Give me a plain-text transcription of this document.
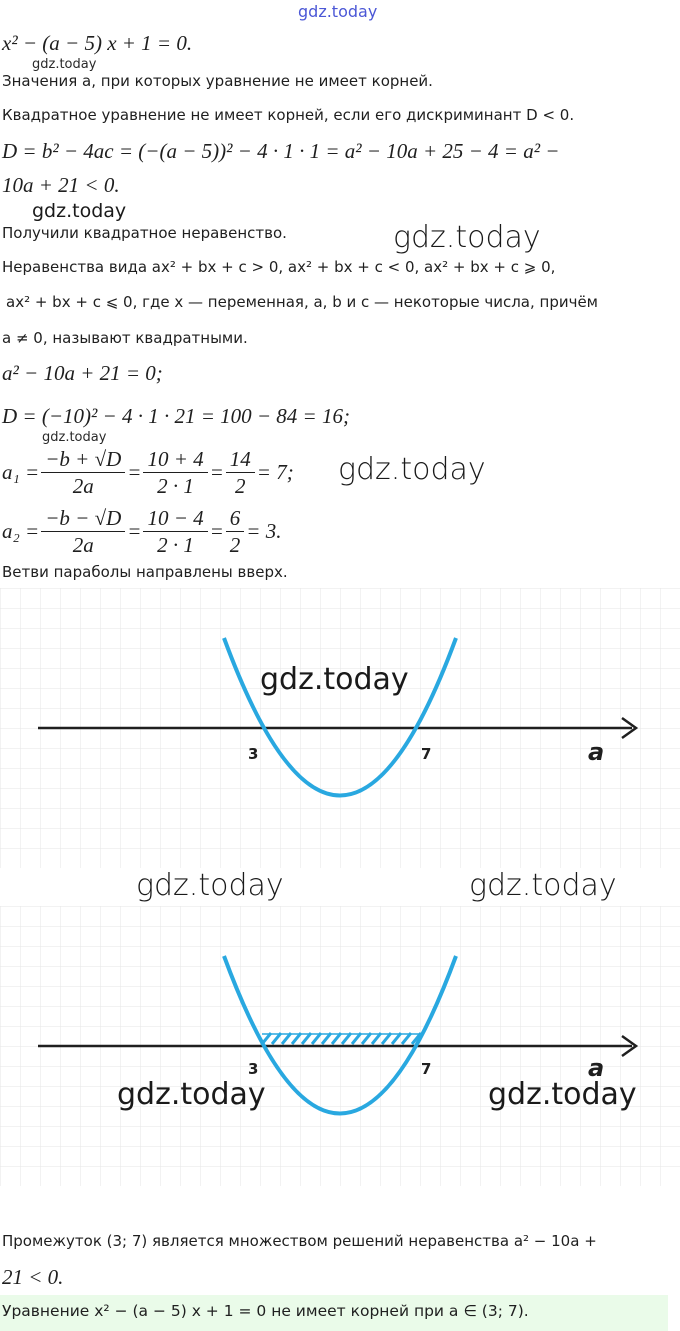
gdz.today
x² − (a − 5) x + 1 = 0.
gdz.today
Значения a, при которых уравнение не имеет корней.
Квадратное уравнение не имеет корней, если его дискриминант D < 0.
D = b² − 4ac = (−(a − 5))² − 4 · 1 · 1 = a² − 10a + 25 − 4 = a² −
10a + 21 < 0.
gdz.today
Получили квадратное неравенство.	gdz.today
Неравенства вида ax² + bx + c > 0, ax² + bx + c < 0, ax² + bx + c ⩾ 0,
ax² + bx + c ⩽ 0, где x — переменная, a, b и c — некоторые числа, причём
a ≠ 0, называют квадратными.
a² − 10a + 21 = 0;
D = (−10)² − 4 · 1 · 21 = 100 − 84 = 16;
gdz.today
$a_1 = \frac{-b + √D}{2a} = \frac{10 + 4}{2 \cdot 1} = \frac{14}{2} = 7$; gdz.today
$a_2 = \frac{-b - √D}{2a} = \frac{10 - 4}{2 \cdot 1} = \frac{6}{2} = 3$.
Ветви параболы направлены вверх.
3	7	a
gdz.today
gdz.today	gdz.today
3	7	a
gdz.today	gdz.today
Промежуток (3; 7) является множеством решений неравенства a² − 10a +
21 < 0.
Уравнение x² − (a − 5) x + 1 = 0 не имеет корней при a ∈ (3; 7).
